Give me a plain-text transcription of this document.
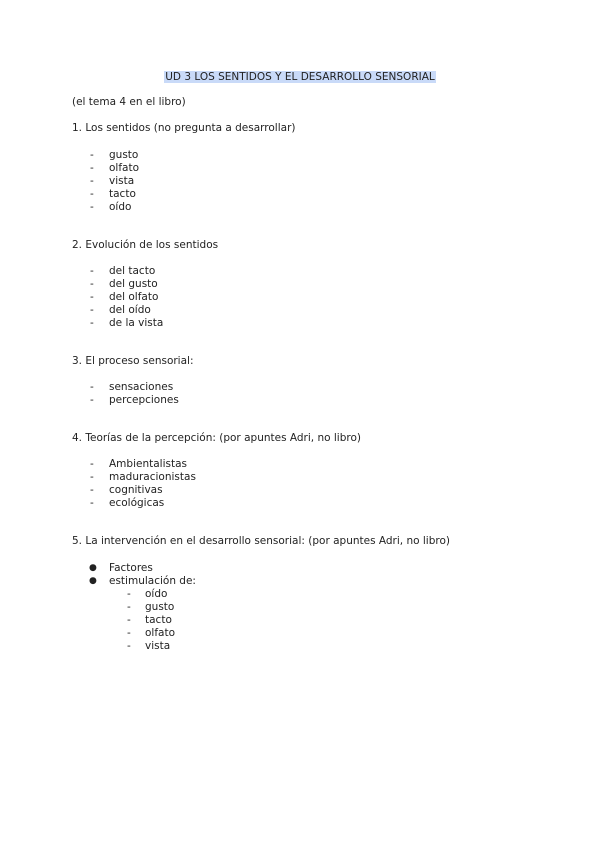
UD 3 LOS SENTIDOS Y EL DESARROLLO SENSORIAL
(el tema 4 en el libro)
1. Los sentidos (no pregunta a desarrollar)
- gusto
- olfato
- vista
- tacto
- oído
2. Evolución de los sentidos
- del tacto
- del gusto
- del olfato
- del oído
- de la vista
3. El proceso sensorial:
- sensaciones
- percepciones
4. Teorías de la percepción: (por apuntes Adri, no libro)
- Ambientalistas
- maduracionistas
- cognitivas
- ecológicas
5. La intervención en el desarrollo sensorial: (por apuntes Adri, no libro)
● Factores
● estimulación de:
- oído
- gusto
- tacto
- olfato
- vista
